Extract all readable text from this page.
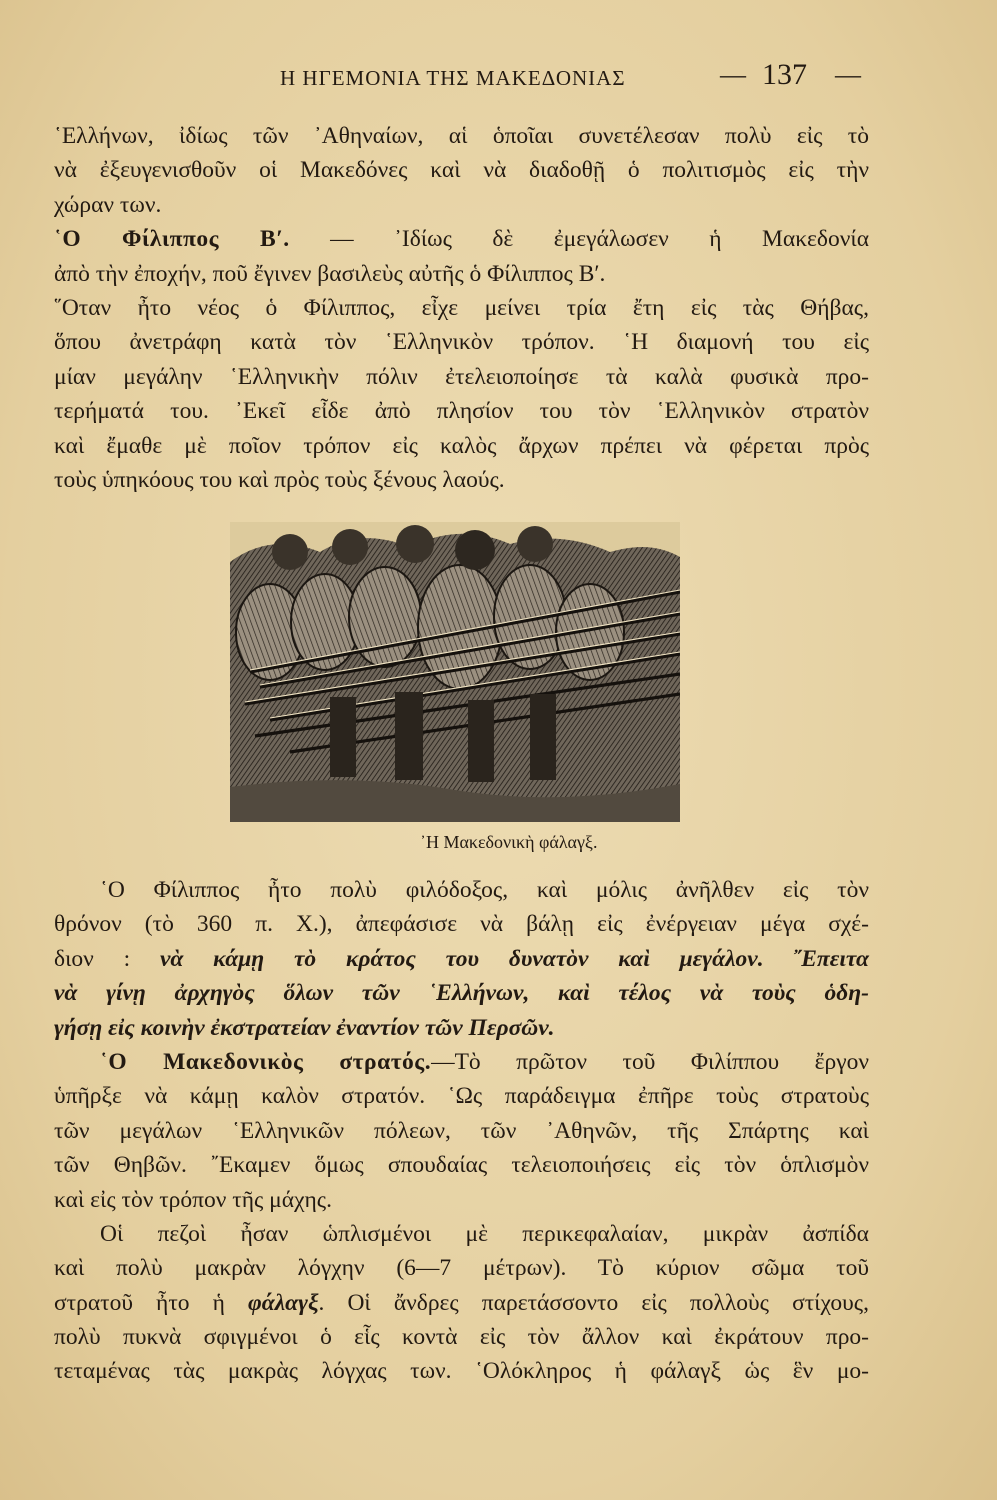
Η ΗΓΕΜΟΝΙΑ ΤΗΣ ΜΑΚΕΔΟΝΙΑΣ	— 137 —
῾Ελλήνων, ἰδίως τῶν ᾿Αθηναίων, αἱ ὁποῖαι συνετέλεσαν πολὺ εἰς τὸ
νὰ ἐξευγενισθοῦν οἱ Μακεδόνες καὶ νὰ διαδοθῇ ὁ πολιτισμὸς εἰς τὴν
χώραν των.
῾Ο Φίλιππος Β′. — ᾿Ιδίως δὲ ἐμεγάλωσεν ἡ Μακεδονία
ἀπὸ τὴν ἐποχήν, ποῦ ἔγινεν βασιλεὺς αὐτῆς ὁ Φίλιππος Β′.
῞Οταν ἦτο νέος ὁ Φίλιππος, εἶχε μείνει τρία ἔτη εἰς τὰς Θήβας,
ὅπου ἀνετράφη κατὰ τὸν ῾Ελληνικὸν τρόπον. ῾Η διαμονή του εἰς
μίαν μεγάλην ῾Ελληνικὴν πόλιν ἐτελειοποίησε τὰ καλὰ φυσικὰ προ-
τερήματά του. ᾿Εκεῖ εἶδε ἀπὸ πλησίον του τὸν ῾Ελληνικὸν στρατὸν
καὶ ἔμαθε μὲ ποῖον τρόπον εἰς καλὸς ἄρχων πρέπει νὰ φέρεται πρὸς
τοὺς ὑπηκόους του καὶ πρὸς τοὺς ξένους λαούς.
᾿Η Μακεδονικὴ φάλαγξ.
῾Ο Φίλιππος ἦτο πολὺ φιλόδοξος, καὶ μόλις ἀνῆλθεν εἰς τὸν
θρόνον (τὸ 360 π. Χ.), ἀπεφάσισε νὰ βάλῃ εἰς ἐνέργειαν μέγα σχέ-
διον : νὰ κάμῃ τὸ κράτος του δυνατὸν καὶ μεγάλον. ῎Επειτα
νὰ γίνῃ ἀρχηγὸς ὅλων τῶν ῾Ελλήνων, καὶ τέλος νὰ τοὺς ὁδη-
γήσῃ εἰς κοινὴν ἐκστρατείαν ἐναντίον τῶν Περσῶν.
῾Ο Μακεδονικὸς στρατός.—Τὸ πρῶτον τοῦ Φιλίππου ἔργον
ὑπῆρξε νὰ κάμῃ καλὸν στρατόν. ῾Ως παράδειγμα ἐπῆρε τοὺς στρατοὺς
τῶν μεγάλων ῾Ελληνικῶν πόλεων, τῶν ᾿Αθηνῶν, τῆς Σπάρτης καὶ
τῶν Θηβῶν. ῎Εκαμεν ὅμως σπουδαίας τελειοποιήσεις εἰς τὸν ὁπλισμὸν
καὶ εἰς τὸν τρόπον τῆς μάχης.
Οἱ πεζοὶ ἦσαν ὡπλισμένοι μὲ περικεφαλαίαν, μικρὰν ἀσπίδα
καὶ πολὺ μακρὰν λόγχην (6—7 μέτρων). Τὸ κύριον σῶμα τοῦ
στρατοῦ ἦτο ἡ φάλαγξ. Οἱ ἄνδρες παρετάσσοντο εἰς πολλοὺς στίχους,
πολὺ πυκνὰ σφιγμένοι ὁ εἷς κοντὰ εἰς τὸν ἄλλον καὶ ἐκράτουν προ-
τεταμένας τὰς μακρὰς λόγχας των. ῾Ολόκληρος ἡ φάλαγξ ὡς ἓν μο-
